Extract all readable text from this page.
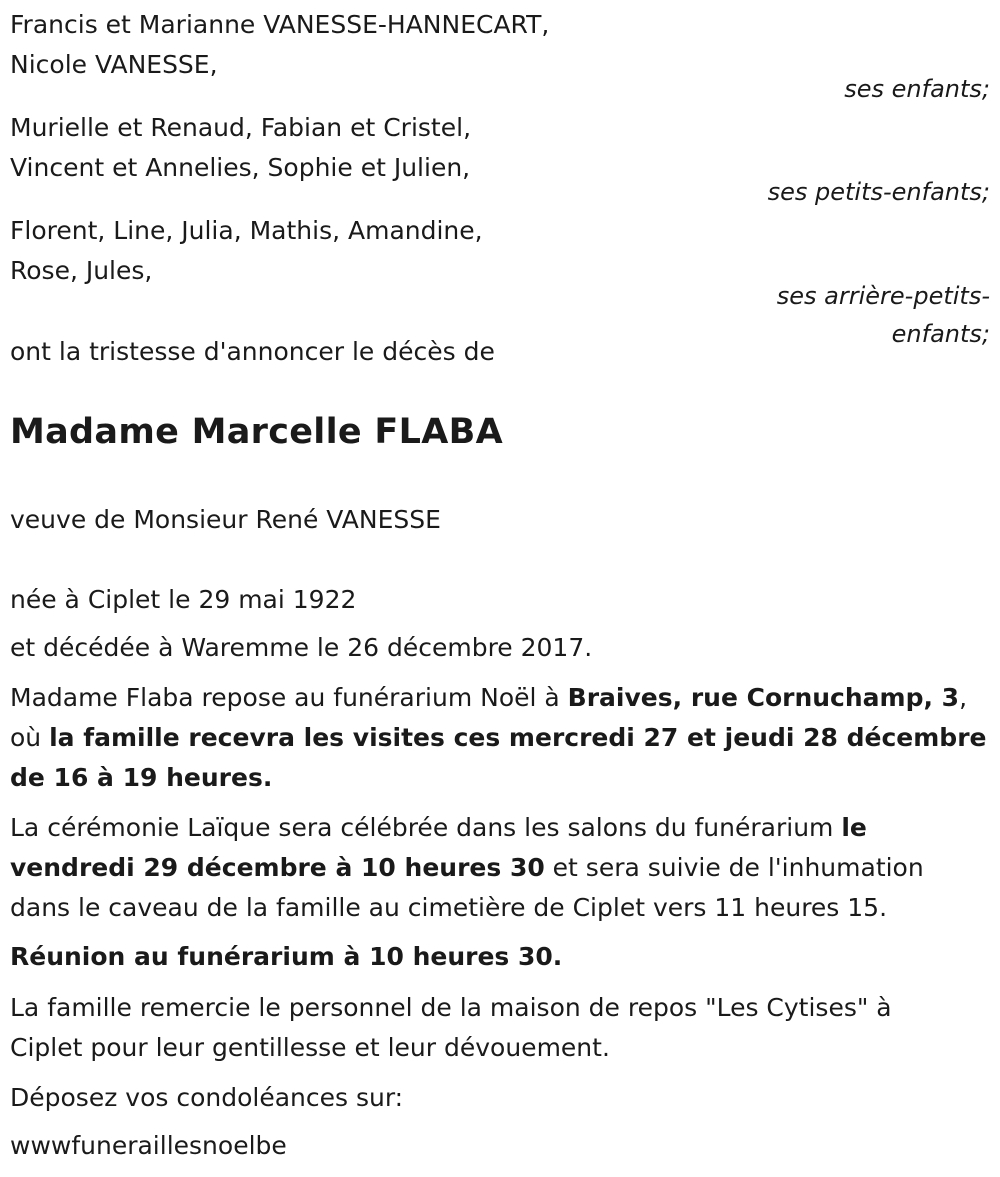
Francis et Marianne VANESSE-HANNECART,
Nicole VANESSE,
ses enfants;
Murielle et Renaud, Fabian et Cristel,
Vincent et Annelies, Sophie et Julien,
ses petits-enfants;
Florent, Line, Julia, Mathis, Amandine,
Rose, Jules,
ses arrière-petits-
enfants;
ont la tristesse d'annoncer le décès de
Madame Marcelle FLABA
veuve de Monsieur René VANESSE
née à Ciplet le 29 mai 1922
et décédée à Waremme le 26 décembre 2017.
Madame Flaba repose au funérarium Noël à Braives, rue Cornuchamp, 3,
où la famille recevra les visites ces mercredi 27 et jeudi 28 décembre
de 16 à 19 heures.
La cérémonie Laïque sera célébrée dans les salons du funérarium le
vendredi 29 décembre à 10 heures 30 et sera suivie de l'inhumation
dans le caveau de la famille au cimetière de Ciplet vers 11 heures 15.
Réunion au funérarium à 10 heures 30.
La famille remercie le personnel de la maison de repos "Les Cytises" à
Ciplet pour leur gentillesse et leur dévouement.
Déposez vos condoléances sur:
wwwfuneraillesnoelbe
